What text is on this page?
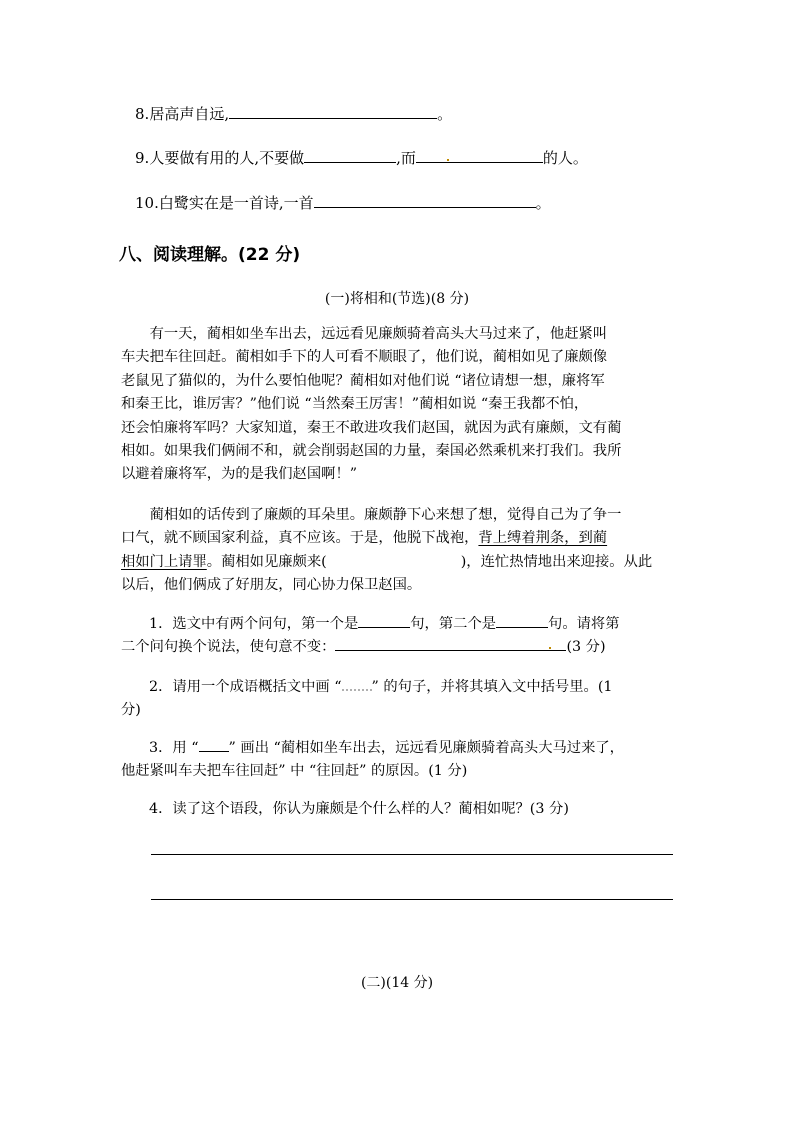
8.居高声自远,	。
9.人要做有用的人,不要做	,而	的人。
10.白鹭实在是一首诗,一首	。
八、阅读理解。(22 分)
(一)将相和(节选)(8 分)
有一天，蔺相如坐车出去，远远看见廉颇骑着高头大马过来了，他赶紧叫
车夫把车往回赶。蔺相如手下的人可看不顺眼了，他们说，蔺相如见了廉颇像
老鼠见了猫似的，为什么要怕他呢？蔺相如对他们说 “诸位请想一想，廉将军
和秦王比，谁厉害？”他们说 “当然秦王厉害！”蔺相如说 “秦王我都不怕，
还会怕廉将军吗？大家知道，秦王不敢进攻我们赵国，就因为武有廉颇，文有蔺
相如。如果我们俩闹不和，就会削弱赵国的力量，秦国必然乘机来打我们。我所
以避着廉将军，为的是我们赵国啊！”
蔺相如的话传到了廉颇的耳朵里。廉颇静下心来想了想，觉得自己为了争一
口气，就不顾国家利益，真不应该。于是，他脱下战袍，背上缚着荆条，到蔺
相如门上请罪。蔺相如见廉颇来(	)，连忙热情地出来迎接。从此
以后，他们俩成了好朋友，同心协力保卫赵国。
1．选文中有两个问句，第一个是	句，第二个是	句。请将第
二个问句换个说法，使句意不变：	(3 分)
2．请用一个成语概括文中画 “ ” 的句子，并将其填入文中括号里。(1
分)
3．用 “ ” 画出 “蔺相如坐车出去，远远看见廉颇骑着高头大马过来了，
他赶紧叫车夫把车往回赶” 中 “往回赶” 的原因。(1 分)
4．读了这个语段，你认为廉颇是个什么样的人？蔺相如呢？(3 分)
(二)(14 分)
